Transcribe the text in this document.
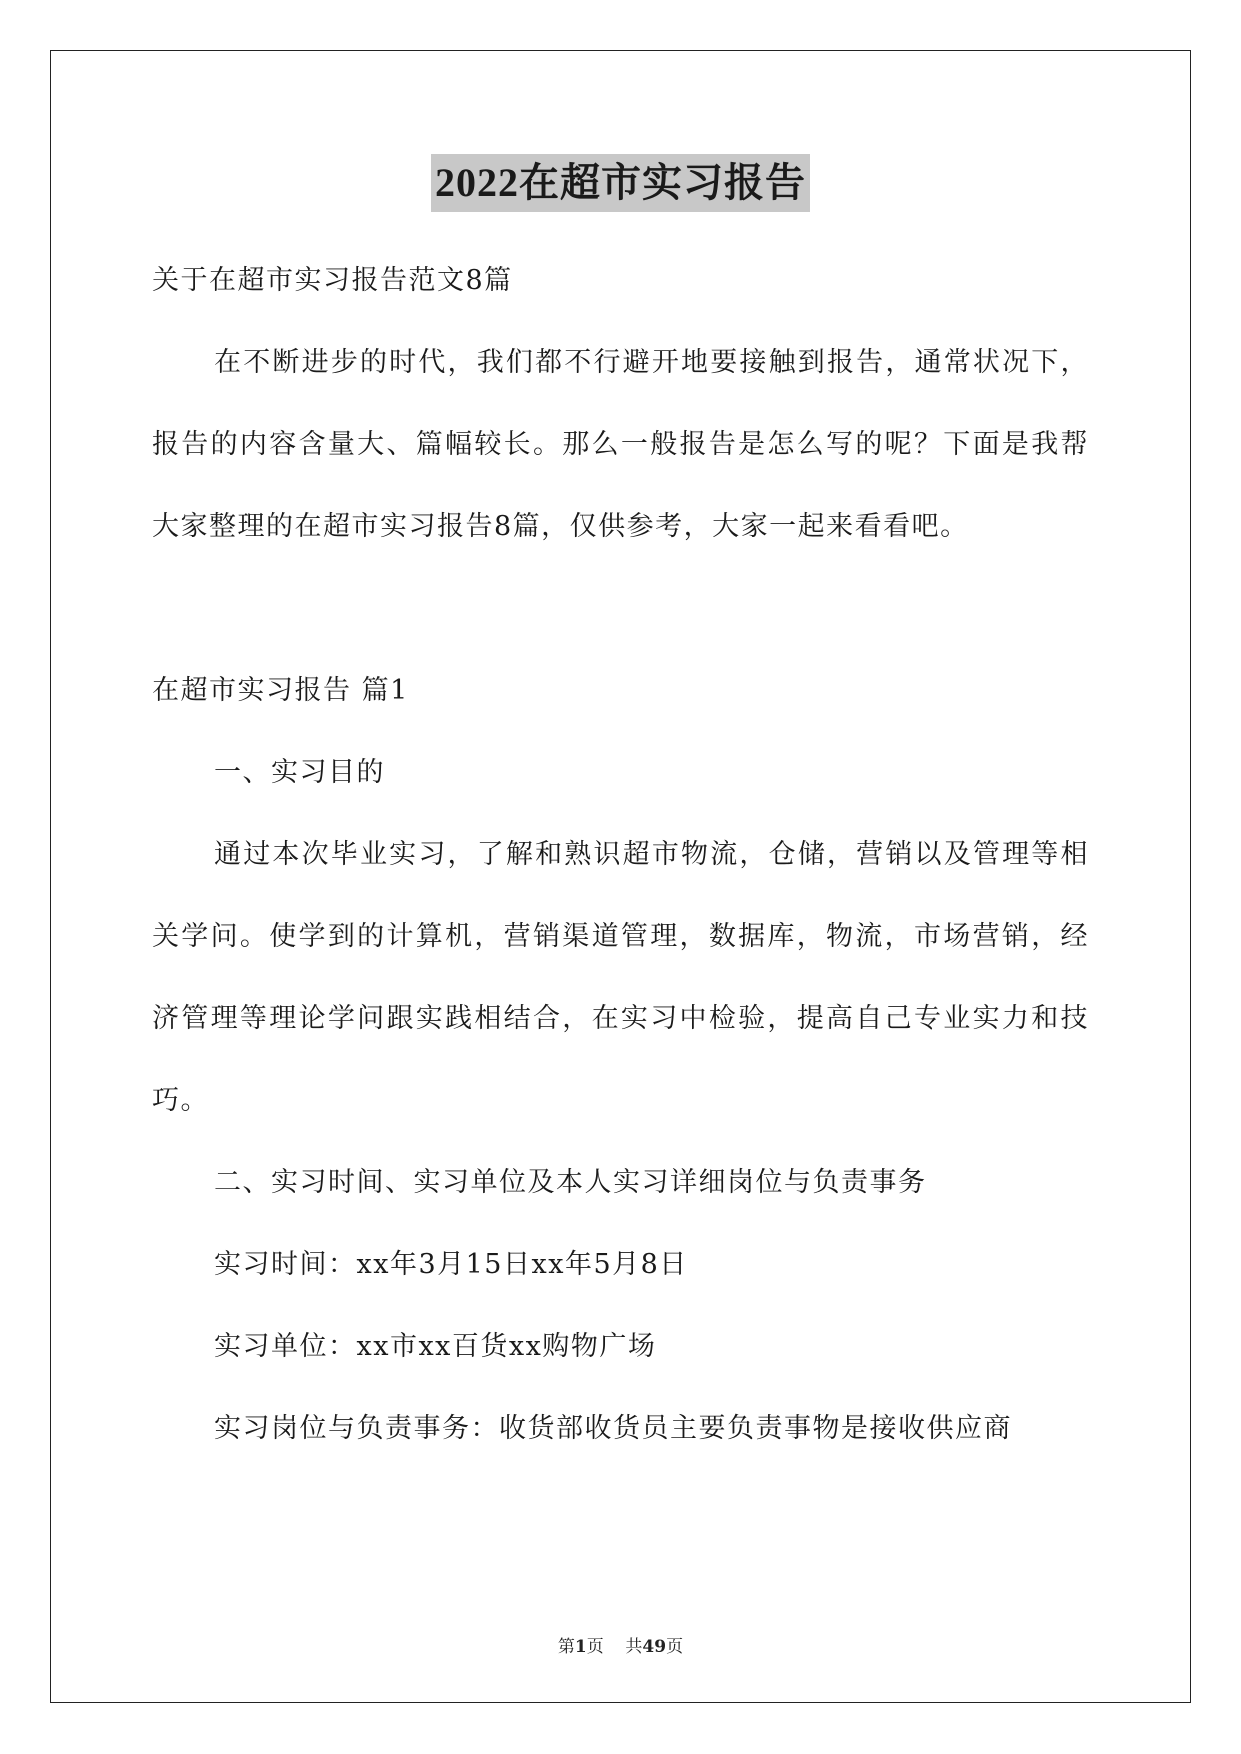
2022在超市实习报告

关于在超市实习报告范文8篇

在不断进步的时代，我们都不行避开地要接触到报告，通常状况下，报告的内容含量大、篇幅较长。那么一般报告是怎么写的呢？下面是我帮大家整理的在超市实习报告8篇，仅供参考，大家一起来看看吧。

在超市实习报告 篇1

一、实习目的

通过本次毕业实习，了解和熟识超市物流，仓储，营销以及管理等相关学问。使学到的计算机，营销渠道管理，数据库，物流，市场营销，经济管理等理论学问跟实践相结合，在实习中检验，提高自己专业实力和技巧。

二、实习时间、实习单位及本人实习详细岗位与负责事务

实习时间：xx年3月15日xx年5月8日

实习单位：xx市xx百货xx购物广场

实习岗位与负责事务：收货部收货员主要负责事物是接收供应商

第1页 共49页
